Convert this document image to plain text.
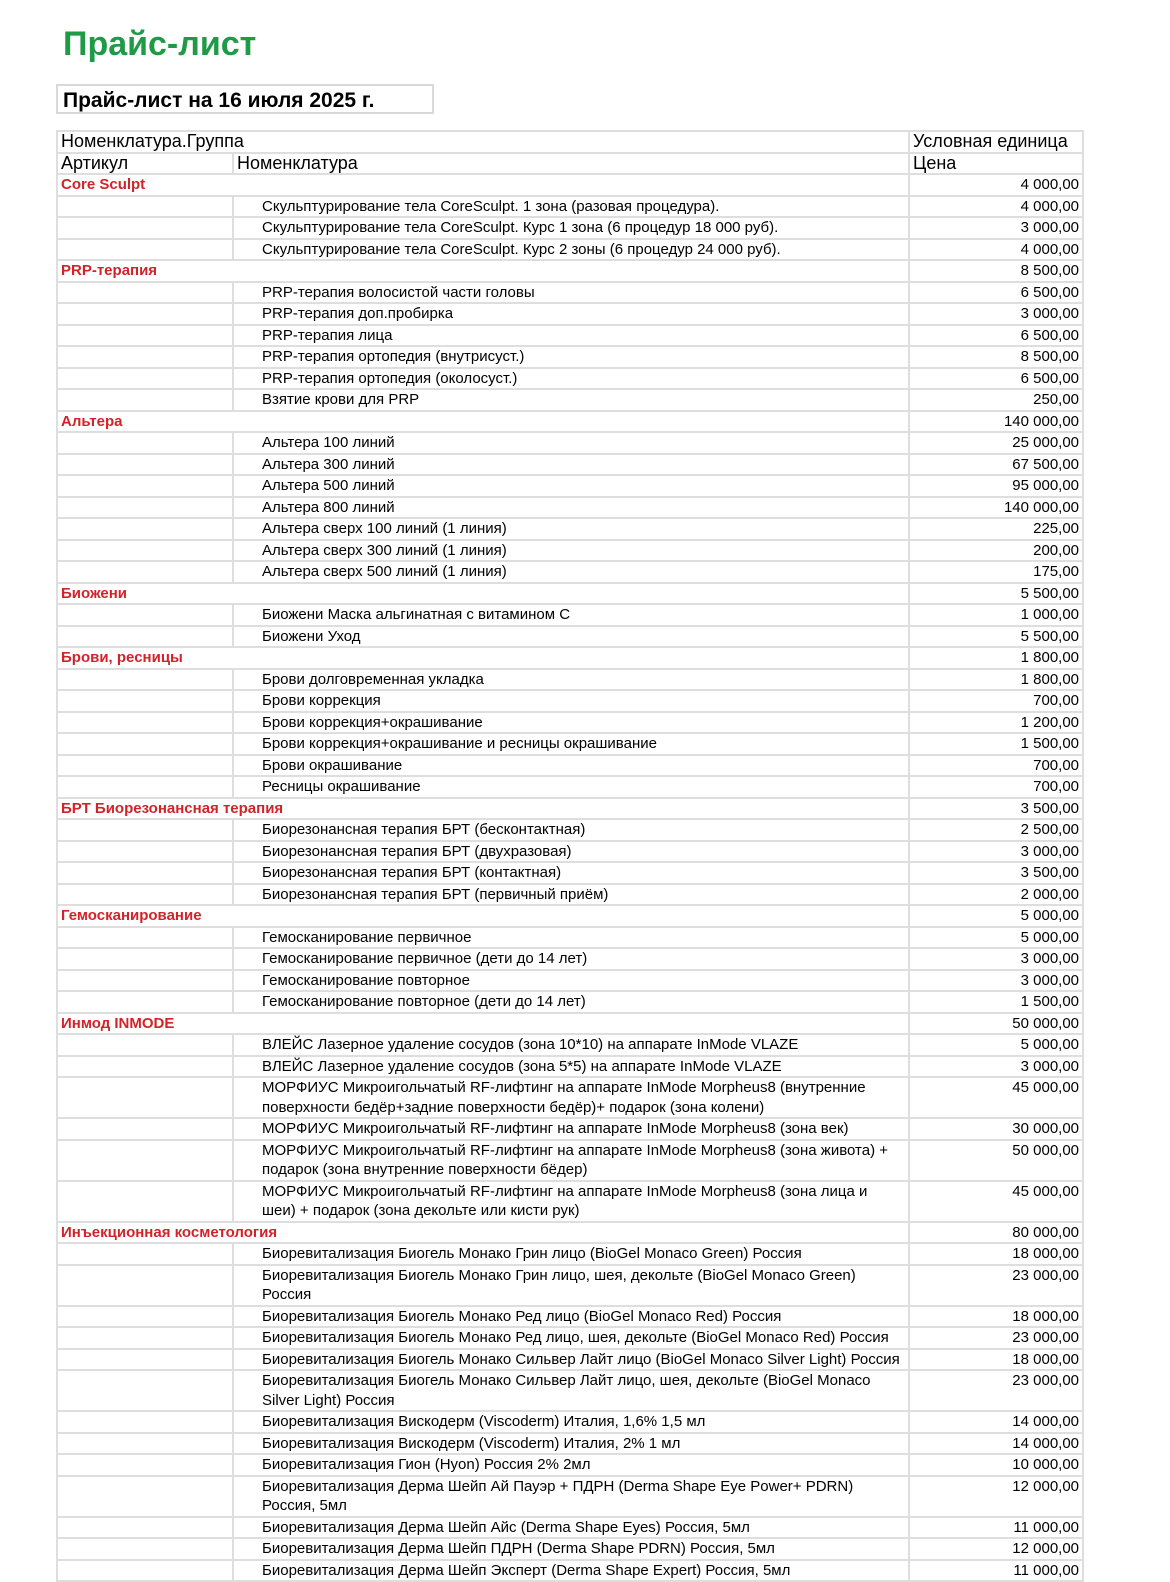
Прайс-лист
Прайс-лист на 16 июля 2025 г.
Номенклатура.Группа		Условная единица
Артикул	Номенклатура	Цена
Core Sculpt		4 000,00
	Скульптурирование тела CoreSculpt. 1 зона (разовая процедура).	4 000,00
	Скульптурирование тела CoreSculpt. Курс 1 зона (6 процедур 18 000 руб).	3 000,00
	Скульптурирование тела CoreSculpt. Курс 2 зоны (6 процедур 24 000 руб).	4 000,00
PRP-терапия		8 500,00
	PRP-терапия волосистой части головы	6 500,00
	PRP-терапия доп.пробирка	3 000,00
	PRP-терапия лица	6 500,00
	PRP-терапия ортопедия (внутрисуст.)	8 500,00
	PRP-терапия ортопедия (околосуст.)	6 500,00
	Взятие крови для PRP	250,00
Альтера		140 000,00
	Альтера 100 линий	25 000,00
	Альтера 300 линий	67 500,00
	Альтера 500 линий	95 000,00
	Альтера 800 линий	140 000,00
	Альтера сверх 100 линий (1 линия)	225,00
	Альтера сверх 300 линий (1 линия)	200,00
	Альтера сверх 500 линий (1 линия)	175,00
Биожени		5 500,00
	Биожени Маска альгинатная с витамином С	1 000,00
	Биожени Уход	5 500,00
Брови, ресницы		1 800,00
	Брови долговременная укладка	1 800,00
	Брови коррекция	700,00
	Брови коррекция+окрашивание	1 200,00
	Брови коррекция+окрашивание и ресницы окрашивание	1 500,00
	Брови окрашивание	700,00
	Ресницы окрашивание	700,00
БРТ Биорезонансная терапия		3 500,00
	Биорезонансная терапия БРТ (бесконтактная)	2 500,00
	Биорезонансная терапия БРТ (двухразовая)	3 000,00
	Биорезонансная терапия БРТ (контактная)	3 500,00
	Биорезонансная терапия БРТ (первичный приём)	2 000,00
Гемосканирование		5 000,00
	Гемосканирование первичное	5 000,00
	Гемосканирование первичное (дети до 14 лет)	3 000,00
	Гемосканирование повторное	3 000,00
	Гемосканирование повторное (дети до 14 лет)	1 500,00
Инмод INMODE		50 000,00
	ВЛЕЙС Лазерное удаление сосудов (зона 10*10) на аппарате InMode VLAZE	5 000,00
	ВЛЕЙС Лазерное удаление сосудов (зона 5*5) на аппарате InMode VLAZE	3 000,00
	МОРФИУС Микроигольчатый RF-лифтинг на аппарате InMode Morpheus8 (внутренние поверхности бедёр+задние поверхности бедёр)+ подарок (зона колени)	45 000,00
	МОРФИУС Микроигольчатый RF-лифтинг на аппарате InMode Morpheus8 (зона век)	30 000,00
	МОРФИУС Микроигольчатый RF-лифтинг на аппарате InMode Morpheus8 (зона живота) + подарок (зона внутренние поверхности бёдер)	50 000,00
	МОРФИУС Микроигольчатый RF-лифтинг на аппарате InMode Morpheus8 (зона лица и шеи) + подарок (зона декольте или кисти рук)	45 000,00
Инъекционная косметология		80 000,00
	Биоревитализация Биогель Монако Грин лицо (BioGel Monaco Green) Россия	18 000,00
	Биоревитализация Биогель Монако Грин лицо, шея, декольте (BioGel Monaco Green) Россия	23 000,00
	Биоревитализация Биогель Монако Ред лицо (BioGel Monaco Red) Россия	18 000,00
	Биоревитализация Биогель Монако Ред лицо, шея, декольте (BioGel Monaco Red) Россия	23 000,00
	Биоревитализация Биогель Монако Сильвер Лайт лицо (BioGel Monaco Silver Light) Россия	18 000,00
	Биоревитализация Биогель Монако Сильвер Лайт лицо, шея, декольте (BioGel Monaco Silver Light) Россия	23 000,00
	Биоревитализация Вискодерм (Viscoderm) Италия, 1,6% 1,5 мл	14 000,00
	Биоревитализация Вискодерм (Viscoderm) Италия, 2% 1 мл	14 000,00
	Биоревитализация Гион (Hyon) Россия 2% 2мл	10 000,00
	Биоревитализация Дерма Шейп Ай Пауэр + ПДРН (Derma Shape Eye Power+ PDRN) Россия, 5мл	12 000,00
	Биоревитализация Дерма Шейп Айс (Derma Shape Eyes) Россия, 5мл	11 000,00
	Биоревитализация Дерма Шейп ПДРН (Derma Shape PDRN) Россия, 5мл	12 000,00
	Биоревитализация Дерма Шейп Эксперт (Derma Shape Expert) Россия, 5мл	11 000,00
